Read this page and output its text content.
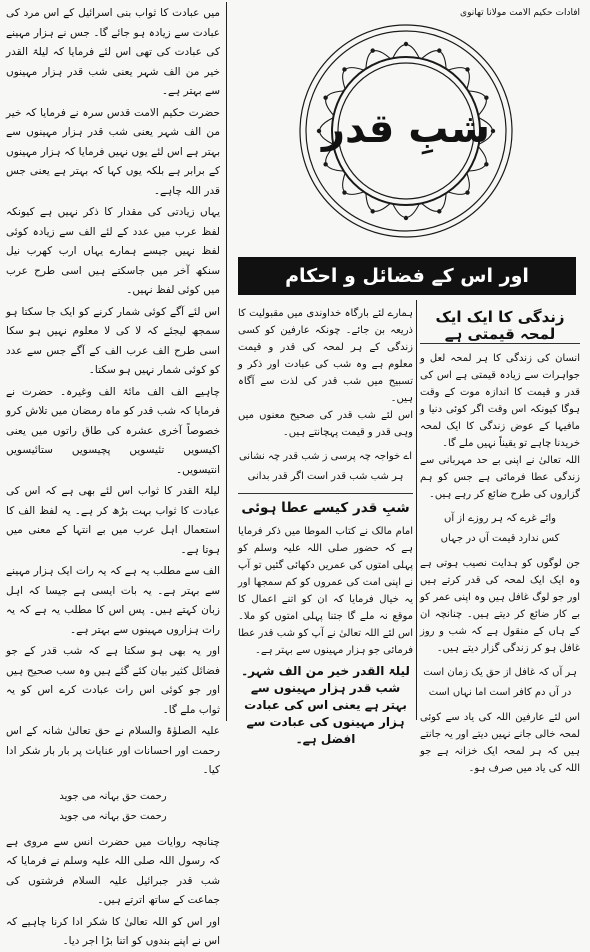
میں عبادت کا ثواب بنی اسرائیل کے اس مرد کی عبادت سے زیادہ ہو جائے گا۔ جس نے ہزار مہینے کی عبادت کی تھی اس لئے فرمایا کہ لیلۃ القدر خیر من الف شہر یعنی شب قدر ہزار مہینوں سے بہتر ہے۔

حضرت حکیم الامت قدس سرہ نے فرمایا کہ خیر من الف شہر یعنی شب قدر ہزار مہینوں سے بہتر ہے اس لئے یوں نہیں فرمایا کہ ہزار مہینوں کے برابر ہے بلکہ یوں کہا کہ بہتر ہے یعنی جس قدر اللہ چاہے۔

یہاں زیادتی کی مقدار کا ذکر نہیں ہے کیونکہ لفظ عرب میں عدد کے لئے الف سے زیادہ کوئی لفظ نہیں جیسے ہمارے یہاں ارب کھرب نیل سنکھ آخر میں جاسکتے ہیں اسی طرح عرب میں کوئی لفظ نہیں۔

اس لئے آگے کوئی شمار کرنے کو ایک جا سکتا ہو سمجھ لیجئے کہ لا کی لا معلوم نہیں ہو سکا اسی طرح الف عرب الف کے آگے جس سے عدد کو کوئی شمار نہیں ہو سکتا۔

چاہیے الف الف مائۃ الف وغیرہ۔ حضرت نے فرمایا کہ شب قدر کو ماہ رمضان میں تلاش کرو خصوصاً آخری عشرہ کی طاق راتوں میں یعنی اکیسویں تئیسویں پچیسویں ستائیسویں انتیسویں۔

لیلۃ القدر کا ثواب اس لئے بھی ہے کہ اس کی عبادت کا ثواب بہت بڑھ کر ہے۔ یہ لفظ الف کا استعمال اہل عرب میں بے انتہا کے معنی میں ہوتا ہے۔

الف سے مطلب یہ ہے کہ یہ رات ایک ہزار مہینے سے بہتر ہے۔ یہ بات ایسی ہے جیسا کہ اہل زبان کہتے ہیں۔ پس اس کا مطلب یہ ہے کہ یہ رات ہزاروں مہینوں سے بہتر ہے۔

اور یہ بھی ہو سکتا ہے کہ شب قدر کے جو فضائل کثیر بیان کئے گئے ہیں وہ سب صحیح ہیں اور جو کوئی اس رات عبادت کرے اس کو یہ ثواب ملے گا۔

علیہ الصلوٰۃ والسلام نے حق تعالیٰ شانہ کے اس رحمت اور احسانات اور عنایات پر بار بار شکر ادا کیا۔

رحمت حق بہانہ می جوید
رحمت حق بہانہ می جوید

چنانچہ روایات میں حضرت انس سے مروی ہے کہ رسول اللہ صلی اللہ علیہ وسلم نے فرمایا کہ شب قدر جبرائیل علیہ السلام فرشتوں کی جماعت کے ساتھ اترتے ہیں۔

اور اس کو اللہ تعالیٰ کا شکر ادا کرنا چاہیے کہ اس نے اپنے بندوں کو اتنا بڑا اجر دیا۔

افادات حکیم الامت مولانا تھانوی
شبِ قدر
اور اس کے فضائل و احکام
ہمارے لئے بارگاہ خداوندی میں مقبولیت کا ذریعہ بن جائے۔ چونکہ عارفین کو کسی زندگی کے ہر لمحہ کی قدر و قیمت معلوم ہے وہ شب کی عبادت اور ذکر و تسبیح میں شب قدر کی لذت سے آگاہ ہیں۔
اس لئے شب قدر کی صحیح معنوں میں وہی قدر و قیمت پہچانتے ہیں۔
اے خواجہ چہ پرسی ز شب قدر چہ نشانی
ہر شب شب قدر است اگر قدر بدانی
شبِ قدر کیسے عطا ہوئی
امام مالک نے کتاب الموطا میں ذکر فرمایا ہے کہ حضور صلی اللہ علیہ وسلم کو پہلی امتوں کی عمریں دکھائی گئیں تو آپ نے اپنی امت کی عمروں کو کم سمجھا اور یہ خیال فرمایا کہ ان کو اتنے اعمال کا موقع نہ ملے گا جتنا پہلی امتوں کو ملا۔ اس لئے اللہ تعالیٰ نے آپ کو شب قدر عطا فرمائی جو ہزار مہینوں سے بہتر ہے۔
لیلۃ القدر خیر من الف شہر۔ شب قدر ہزار مہینوں سے بہتر ہے یعنی اس کی عبادت ہزار مہینوں کی عبادت سے افضل ہے۔
زندگی کا ایک ایک لمحہ قیمتی ہے
انسان کی زندگی کا ہر لمحہ لعل و جواہرات سے زیادہ قیمتی ہے اس کی قدر و قیمت کا اندازہ موت کے وقت ہوگا کیونکہ اس وقت اگر کوئی دنیا و مافیہا کے عوض زندگی کا ایک لمحہ خریدنا چاہے تو یقیناً نہیں ملے گا۔
اللہ تعالیٰ نے اپنی بے حد مہربانی سے زندگی عطا فرمائی ہے جس کو ہم گزاروں کی طرح ضائع کر رہے ہیں۔
وائے غرے کہ ہر روزے از آں
کس ندارد قیمت آں در جہاں
جن لوگوں کو ہدایت نصیب ہوتی ہے وہ ایک ایک لمحہ کی قدر کرتے ہیں اور جو لوگ غافل ہیں وہ اپنی عمر کو بے کار ضائع کر دیتے ہیں۔ چنانچہ ان کے ہاں کے منقول ہے کہ شب و روز غافل ہو کر زندگی گزار دیتے ہیں۔
ہر آں کہ غافل از حق یک زمان است
در آں دم کافر است اما نہاں است
اس لئے عارفین اللہ کی یاد سے کوئی لمحہ خالی جانے نہیں دیتے اور یہ جانتے ہیں کہ ہر لمحہ ایک خزانہ ہے جو اللہ کی یاد میں صرف ہو۔
